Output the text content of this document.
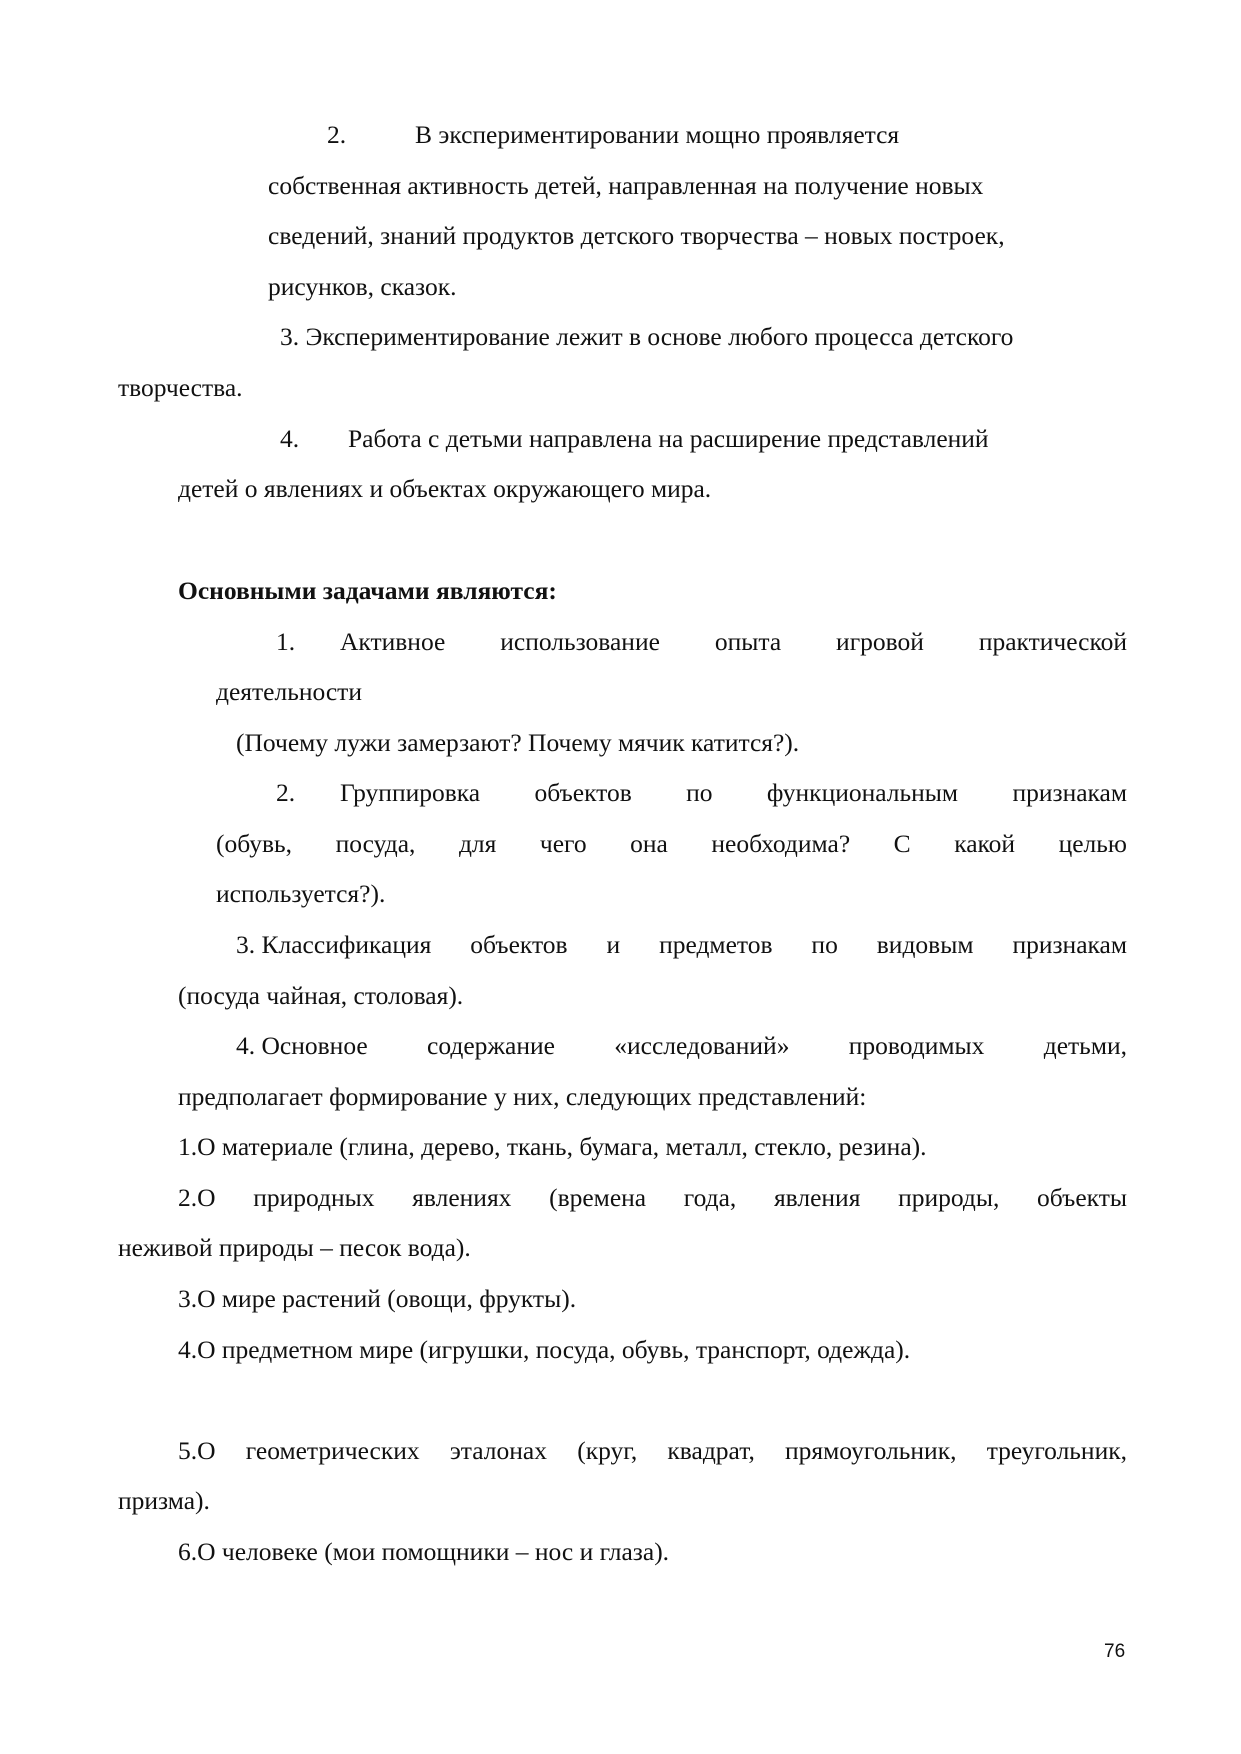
2.	В экспериментировании мощно проявляется
собственная активность детей, направленная на получение новых
сведений, знаний продуктов детского творчества – новых построек,
рисунков, сказок.
3. Экспериментирование лежит в основе любого процесса детского
творчества.
4. Работа с детьми направлена на расширение представлений
детей о явлениях и объектах окружающего мира.
Основными задачами являются:
1. Активное использование опыта игровой практической
деятельности
(Почему лужи замерзают? Почему мячик катится?).
2. Группировка объектов по функциональным признакам
(обувь, посуда, для чего она необходима? С какой целью
используется?).
3. Классификация объектов и предметов по видовым признакам
(посуда чайная, столовая).
4. Основное содержание «исследований» проводимых детьми,
предполагает формирование у них, следующих представлений:
1.О материале (глина, дерево, ткань, бумага, металл, стекло, резина).
2.О природных явлениях (времена года, явления природы, объекты
неживой природы – песок вода).
3.О мире растений (овощи, фрукты).
4.О предметном мире (игрушки, посуда, обувь, транспорт, одежда).
5.О геометрических эталонах (круг, квадрат, прямоугольник, треугольник,
призма).
6.О человеке (мои помощники – нос и глаза).
76
